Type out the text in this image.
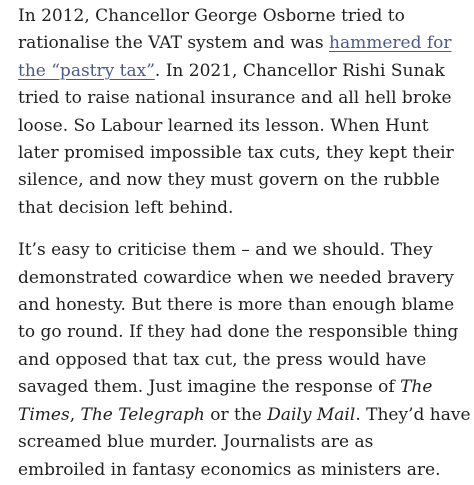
In 2012, Chancellor George Osborne tried to
rationalise the VAT system and was hammered for
the “pastry tax”. In 2021, Chancellor Rishi Sunak
tried to raise national insurance and all hell broke
loose. So Labour learned its lesson. When Hunt
later promised impossible tax cuts, they kept their
silence, and now they must govern on the rubble
that decision left behind.

It’s easy to criticise them – and we should. They
demonstrated cowardice when we needed bravery
and honesty. But there is more than enough blame
to go round. If they had done the responsible thing
and opposed that tax cut, the press would have
savaged them. Just imagine the response of The
Times, The Telegraph or the Daily Mail. They’d have
screamed blue murder. Journalists are as
embroiled in fantasy economics as ministers are.
